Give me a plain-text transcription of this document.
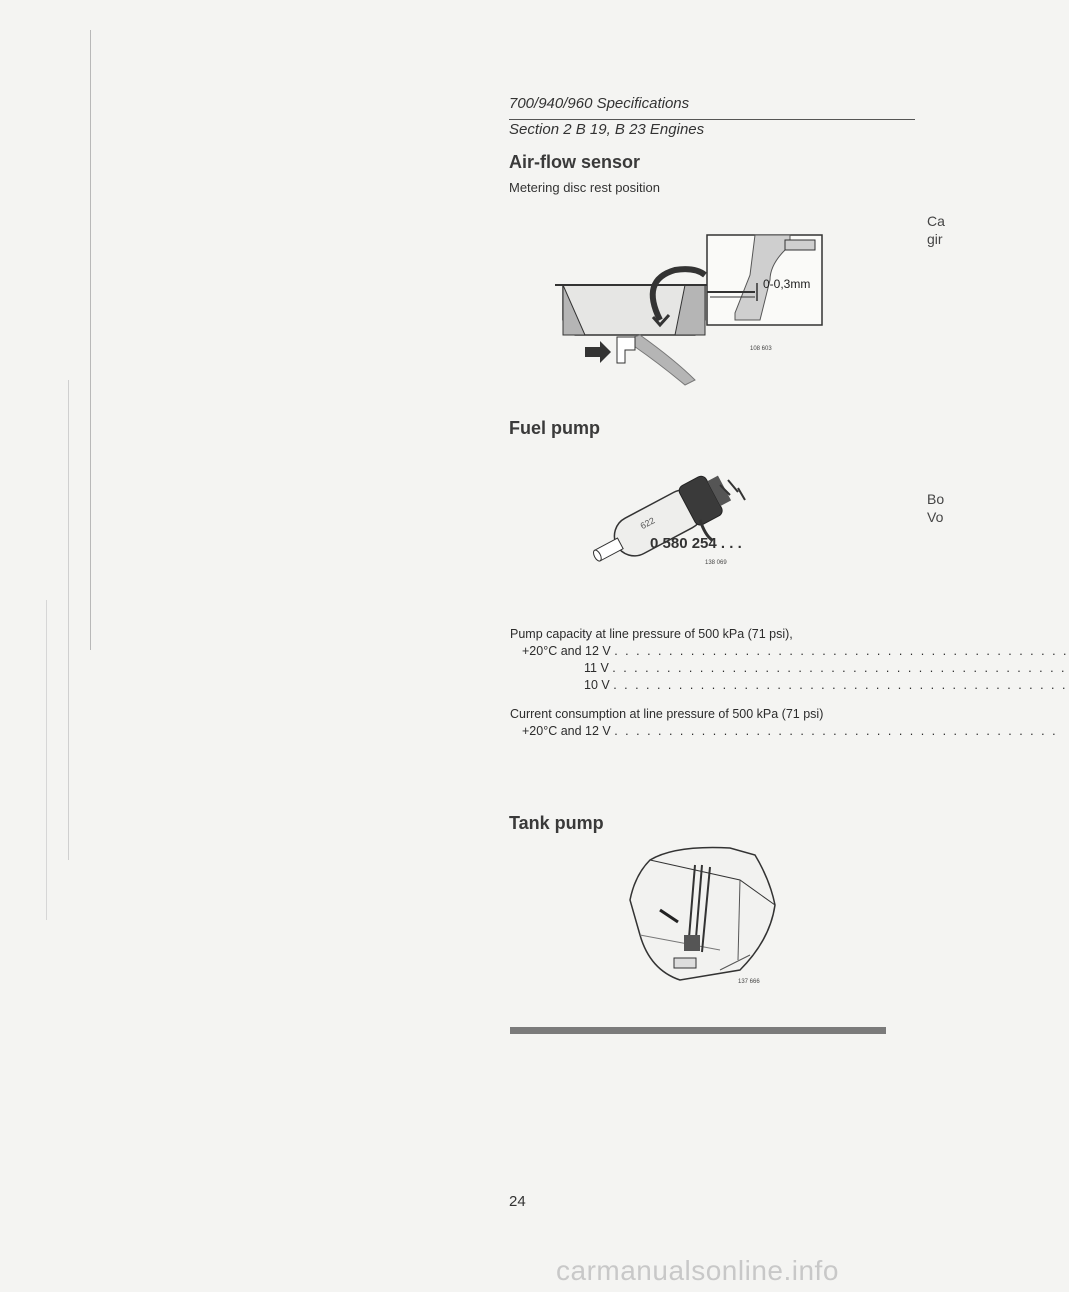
700/940/960 Specifications
Section 2 B 19, B 23 Engines
Air-flow sensor
Metering disc rest position
0-0,3mm
108 603
Ca
gir
Bo
Vo
Fuel pump
622
0 580 254 . . .
138 069
Pump capacity at line pressure of 500 kPa (71 psi),
+20°C and 12 V . . . . . . . . . . . . . . . . . . . . . . . . . . . . . . . . . . . . . . . . . .
11 V . . . . . . . . . . . . . . . . . . . . . . . . . . . . . . . . . . . . . . . . . .
10 V . . . . . . . . . . . . . . . . . . . . . . . . . . . . . . . . . . . . . . . . . .
Current consumption at line pressure of 500 kPa (71 psi)
+20°C and 12 V . . . . . . . . . . . . . . . . . . . . . . . . . . . . . . . . . . . . . . . . .
Tank pump
137 666
24
carmanualsonline.info
